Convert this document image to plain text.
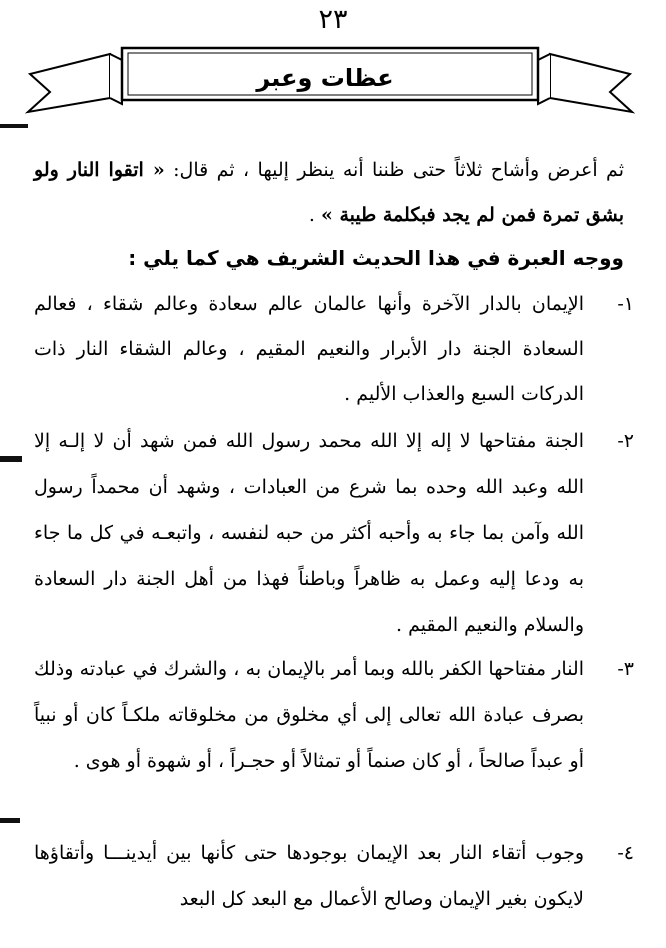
٢٣
عظات وعبر
ثم أعرض وأشاح ثلاثاً حتى ظننا أنه ينظر إليها ، ثم قال: « اتقوا النار ولو بشق تمرة فمن لم يجد فبكلمة طيبة » .
ووجه العبرة في هذا الحديث الشريف هي كما يلي :
١-
الإيمان بالدار الآخرة وأنها عالمان عالم سعادة وعالم شقاء ، فعالم السعادة الجنة دار الأبرار والنعيم المقيم ، وعالم الشقاء النار ذات الدركات السبع والعذاب الأليم .
٢-
الجنة مفتاحها لا إله إلا الله محمد رسول الله فمن شهد أن لا إلـه إلا الله وعبد الله وحده بما شرع من العبادات ، وشهد أن محمداً رسول الله وآمن بما جاء به وأحبه أكثر من حبه لنفسه ، واتبعـه في كل ما جاء به ودعا إليه وعمل به ظاهراً وباطناً فهذا من أهل الجنة دار السعادة والسلام والنعيم المقيم .
٣-
النار مفتاحها الكفر بالله وبما أمر بالإيمان به ، والشرك في عبادته وذلك بصرف عبادة الله تعالى إلى أي مخلوق من مخلوقاته ملكـاً كان أو نبياً أو عبداً صالحاً ، أو كان صنماً أو تمثالاً أو حجـراً ، أو شهوة أو هوى .
٤-
وجوب أتقاء النار بعد الإيمان بوجودها حتى كأنها بين أيدينـــا وأتقاؤها لايكون بغير الإيمان وصالح الأعمال مع البعد كل البعد
